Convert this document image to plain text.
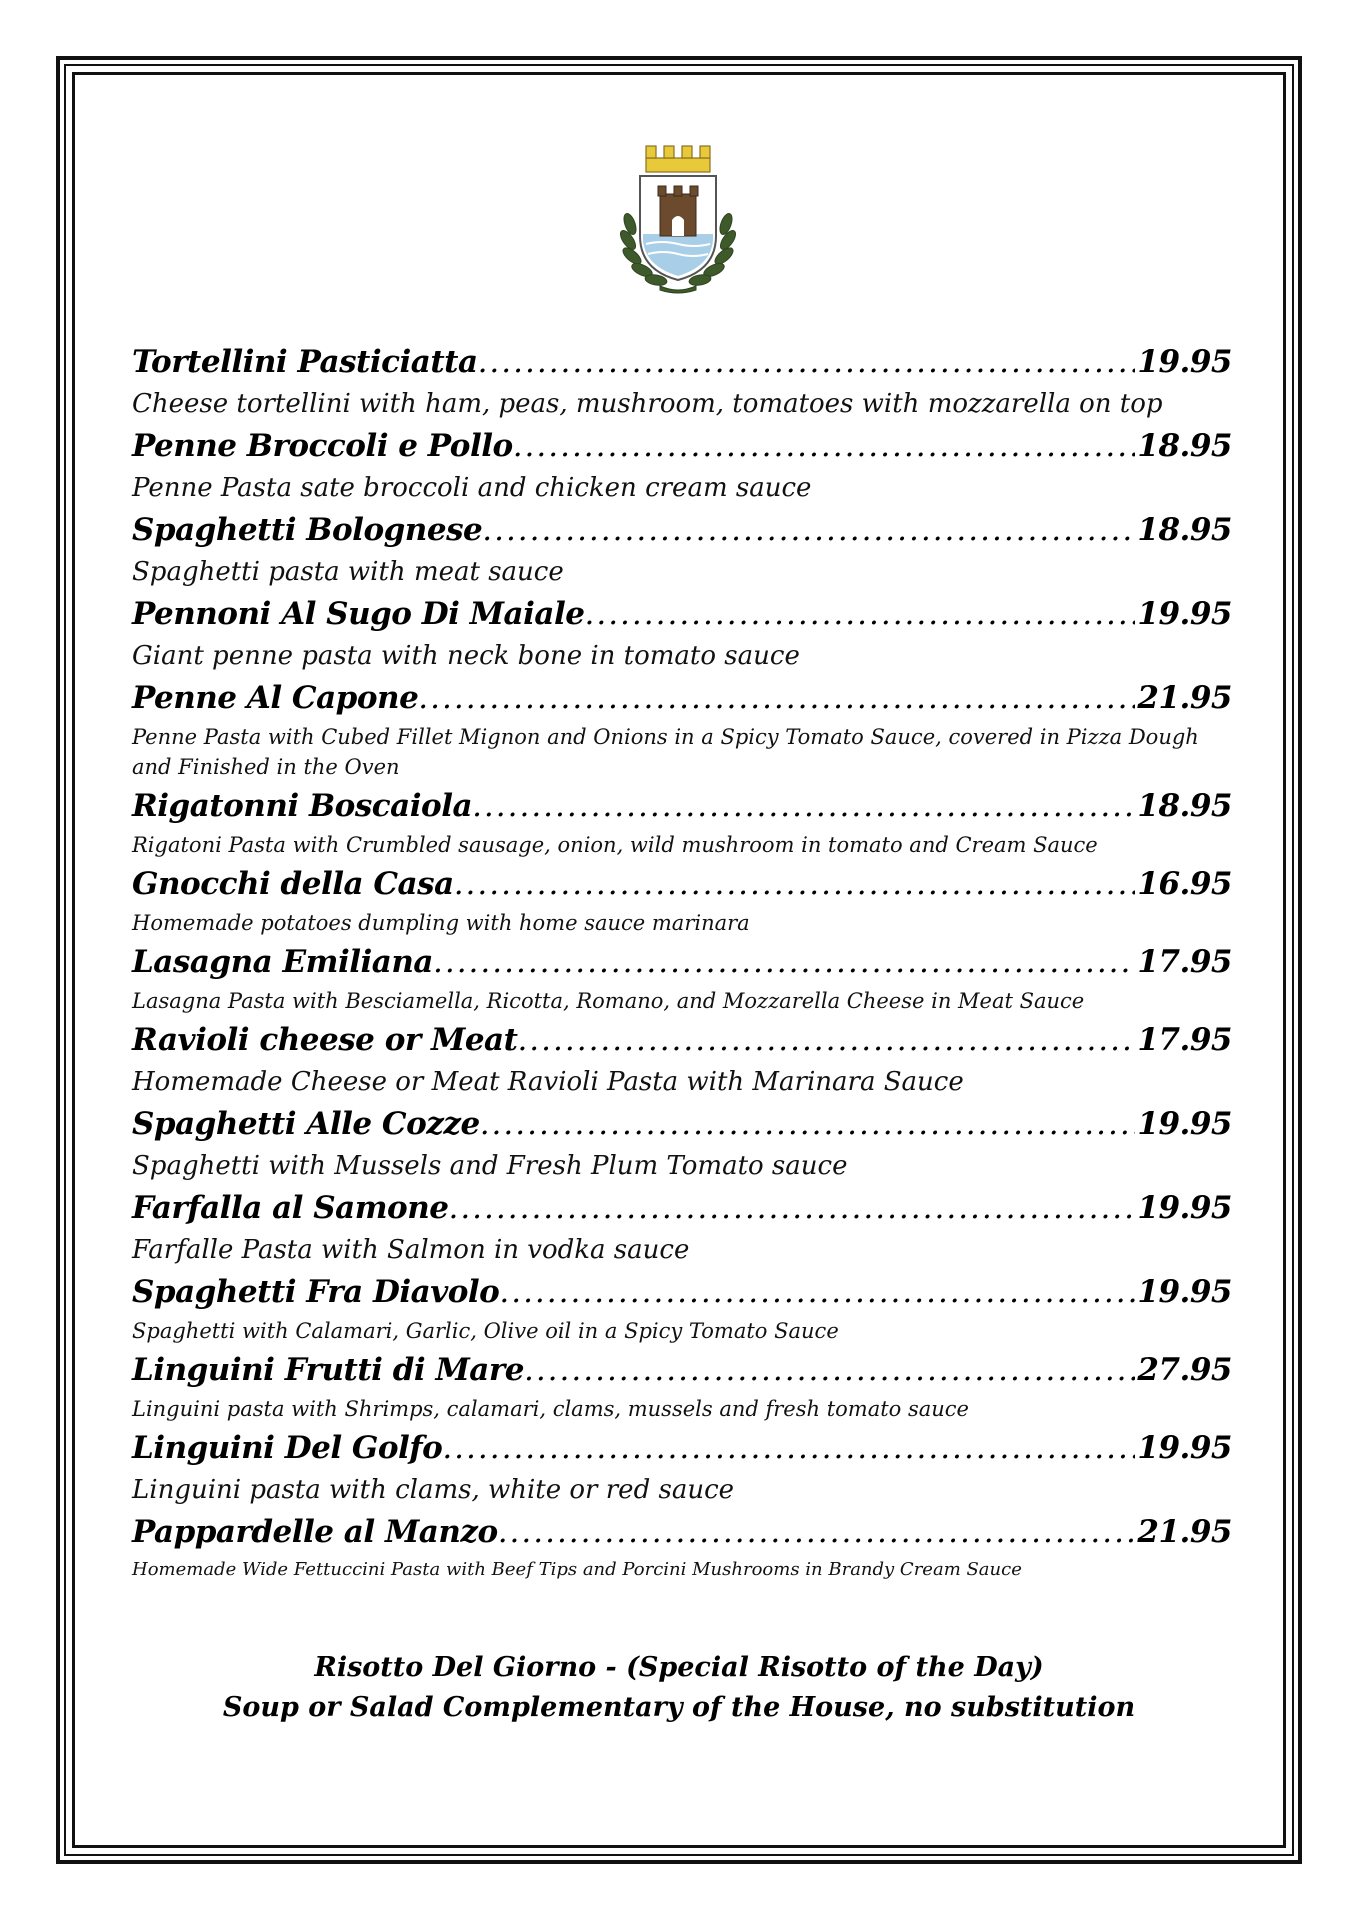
Tortellini Pasticiatta .....	19.95
Cheese tortellini with ham, peas, mushroom, tomatoes with mozzarella on top
Penne Broccoli e Pollo .....	18.95
Penne Pasta sate broccoli and chicken cream sauce
Spaghetti Bolognese .....	18.95
Spaghetti pasta with meat sauce
Pennoni Al Sugo Di Maiale .....	19.95
Giant penne pasta with neck bone in tomato sauce
Penne Al Capone .....	21.95
Penne Pasta with Cubed Fillet Mignon and Onions in a Spicy Tomato Sauce, covered in Pizza Dough and Finished in the Oven
Rigatonni Boscaiola .....	18.95
Rigatoni Pasta with Crumbled sausage, onion, wild mushroom in tomato and Cream Sauce
Gnocchi della Casa .....	16.95
Homemade potatoes dumpling with home sauce marinara
Lasagna Emiliana .....	17.95
Lasagna Pasta with Besciamella, Ricotta, Romano, and Mozzarella Cheese in Meat Sauce
Ravioli cheese or Meat .....	17.95
Homemade Cheese or Meat Ravioli Pasta with Marinara Sauce
Spaghetti Alle Cozze .....	19.95
Spaghetti with Mussels and Fresh Plum Tomato sauce
Farfalla al Samone .....	19.95
Farfalle Pasta with Salmon in vodka sauce
Spaghetti Fra Diavolo .....	19.95
Spaghetti with Calamari, Garlic, Olive oil in a Spicy Tomato Sauce
Linguini Frutti di Mare .....	27.95
Linguini pasta with Shrimps, calamari, clams, mussels and fresh tomato sauce
Linguini Del Golfo .....	19.95
Linguini pasta with clams, white or red sauce
Pappardelle al Manzo .....	21.95
Homemade Wide Fettuccini Pasta with Beef Tips and Porcini Mushrooms in Brandy Cream Sauce
Risotto Del Giorno - (Special Risotto of the Day)
Soup or Salad Complementary of the House, no substitution
